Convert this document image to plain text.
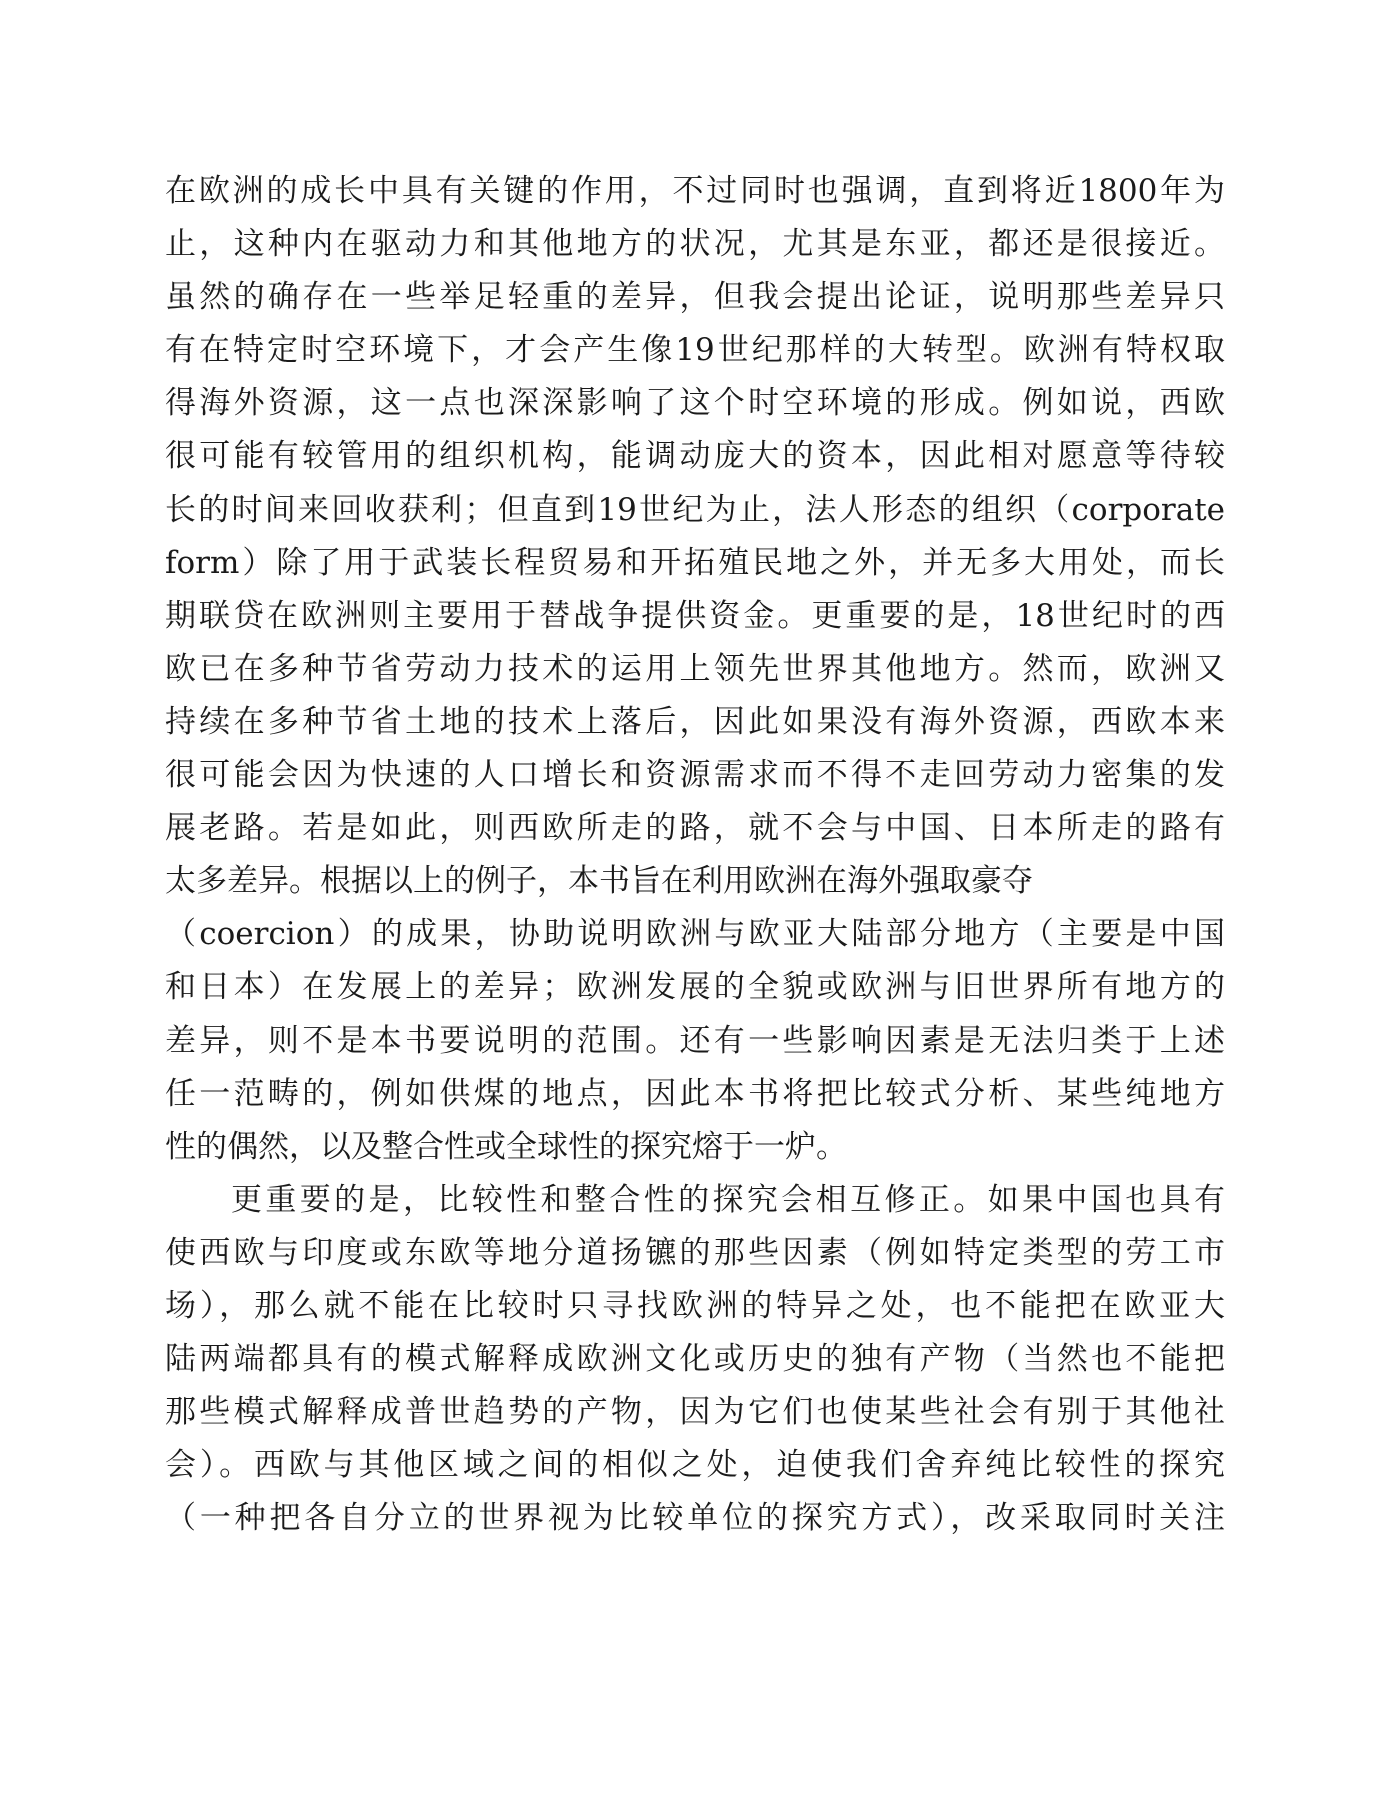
在欧洲的成长中具有关键的作用，不过同时也强调，直到将近1800年为
止，这种内在驱动力和其他地方的状况，尤其是东亚，都还是很接近。
虽然的确存在一些举足轻重的差异，但我会提出论证，说明那些差异只
有在特定时空环境下，才会产生像19世纪那样的大转型。欧洲有特权取
得海外资源，这一点也深深影响了这个时空环境的形成。例如说，西欧
很可能有较管用的组织机构，能调动庞大的资本，因此相对愿意等待较
长的时间来回收获利；但直到19世纪为止，法人形态的组织（corporate
form）除了用于武装长程贸易和开拓殖民地之外，并无多大用处，而长
期联贷在欧洲则主要用于替战争提供资金。更重要的是，18世纪时的西
欧已在多种节省劳动力技术的运用上领先世界其他地方。然而，欧洲又
持续在多种节省土地的技术上落后，因此如果没有海外资源，西欧本来
很可能会因为快速的人口增长和资源需求而不得不走回劳动力密集的发
展老路。若是如此，则西欧所走的路，就不会与中国、日本所走的路有
太多差异。根据以上的例子，本书旨在利用欧洲在海外强取豪夺
（coercion）的成果，协助说明欧洲与欧亚大陆部分地方（主要是中国
和日本）在发展上的差异；欧洲发展的全貌或欧洲与旧世界所有地方的
差异，则不是本书要说明的范围。还有一些影响因素是无法归类于上述
任一范畴的，例如供煤的地点，因此本书将把比较式分析、某些纯地方
性的偶然，以及整合性或全球性的探究熔于一炉。
更重要的是，比较性和整合性的探究会相互修正。如果中国也具有
使西欧与印度或东欧等地分道扬镳的那些因素（例如特定类型的劳工市
场），那么就不能在比较时只寻找欧洲的特异之处，也不能把在欧亚大
陆两端都具有的模式解释成欧洲文化或历史的独有产物（当然也不能把
那些模式解释成普世趋势的产物，因为它们也使某些社会有别于其他社
会）。西欧与其他区域之间的相似之处，迫使我们舍弃纯比较性的探究
（一种把各自分立的世界视为比较单位的探究方式），改采取同时关注
